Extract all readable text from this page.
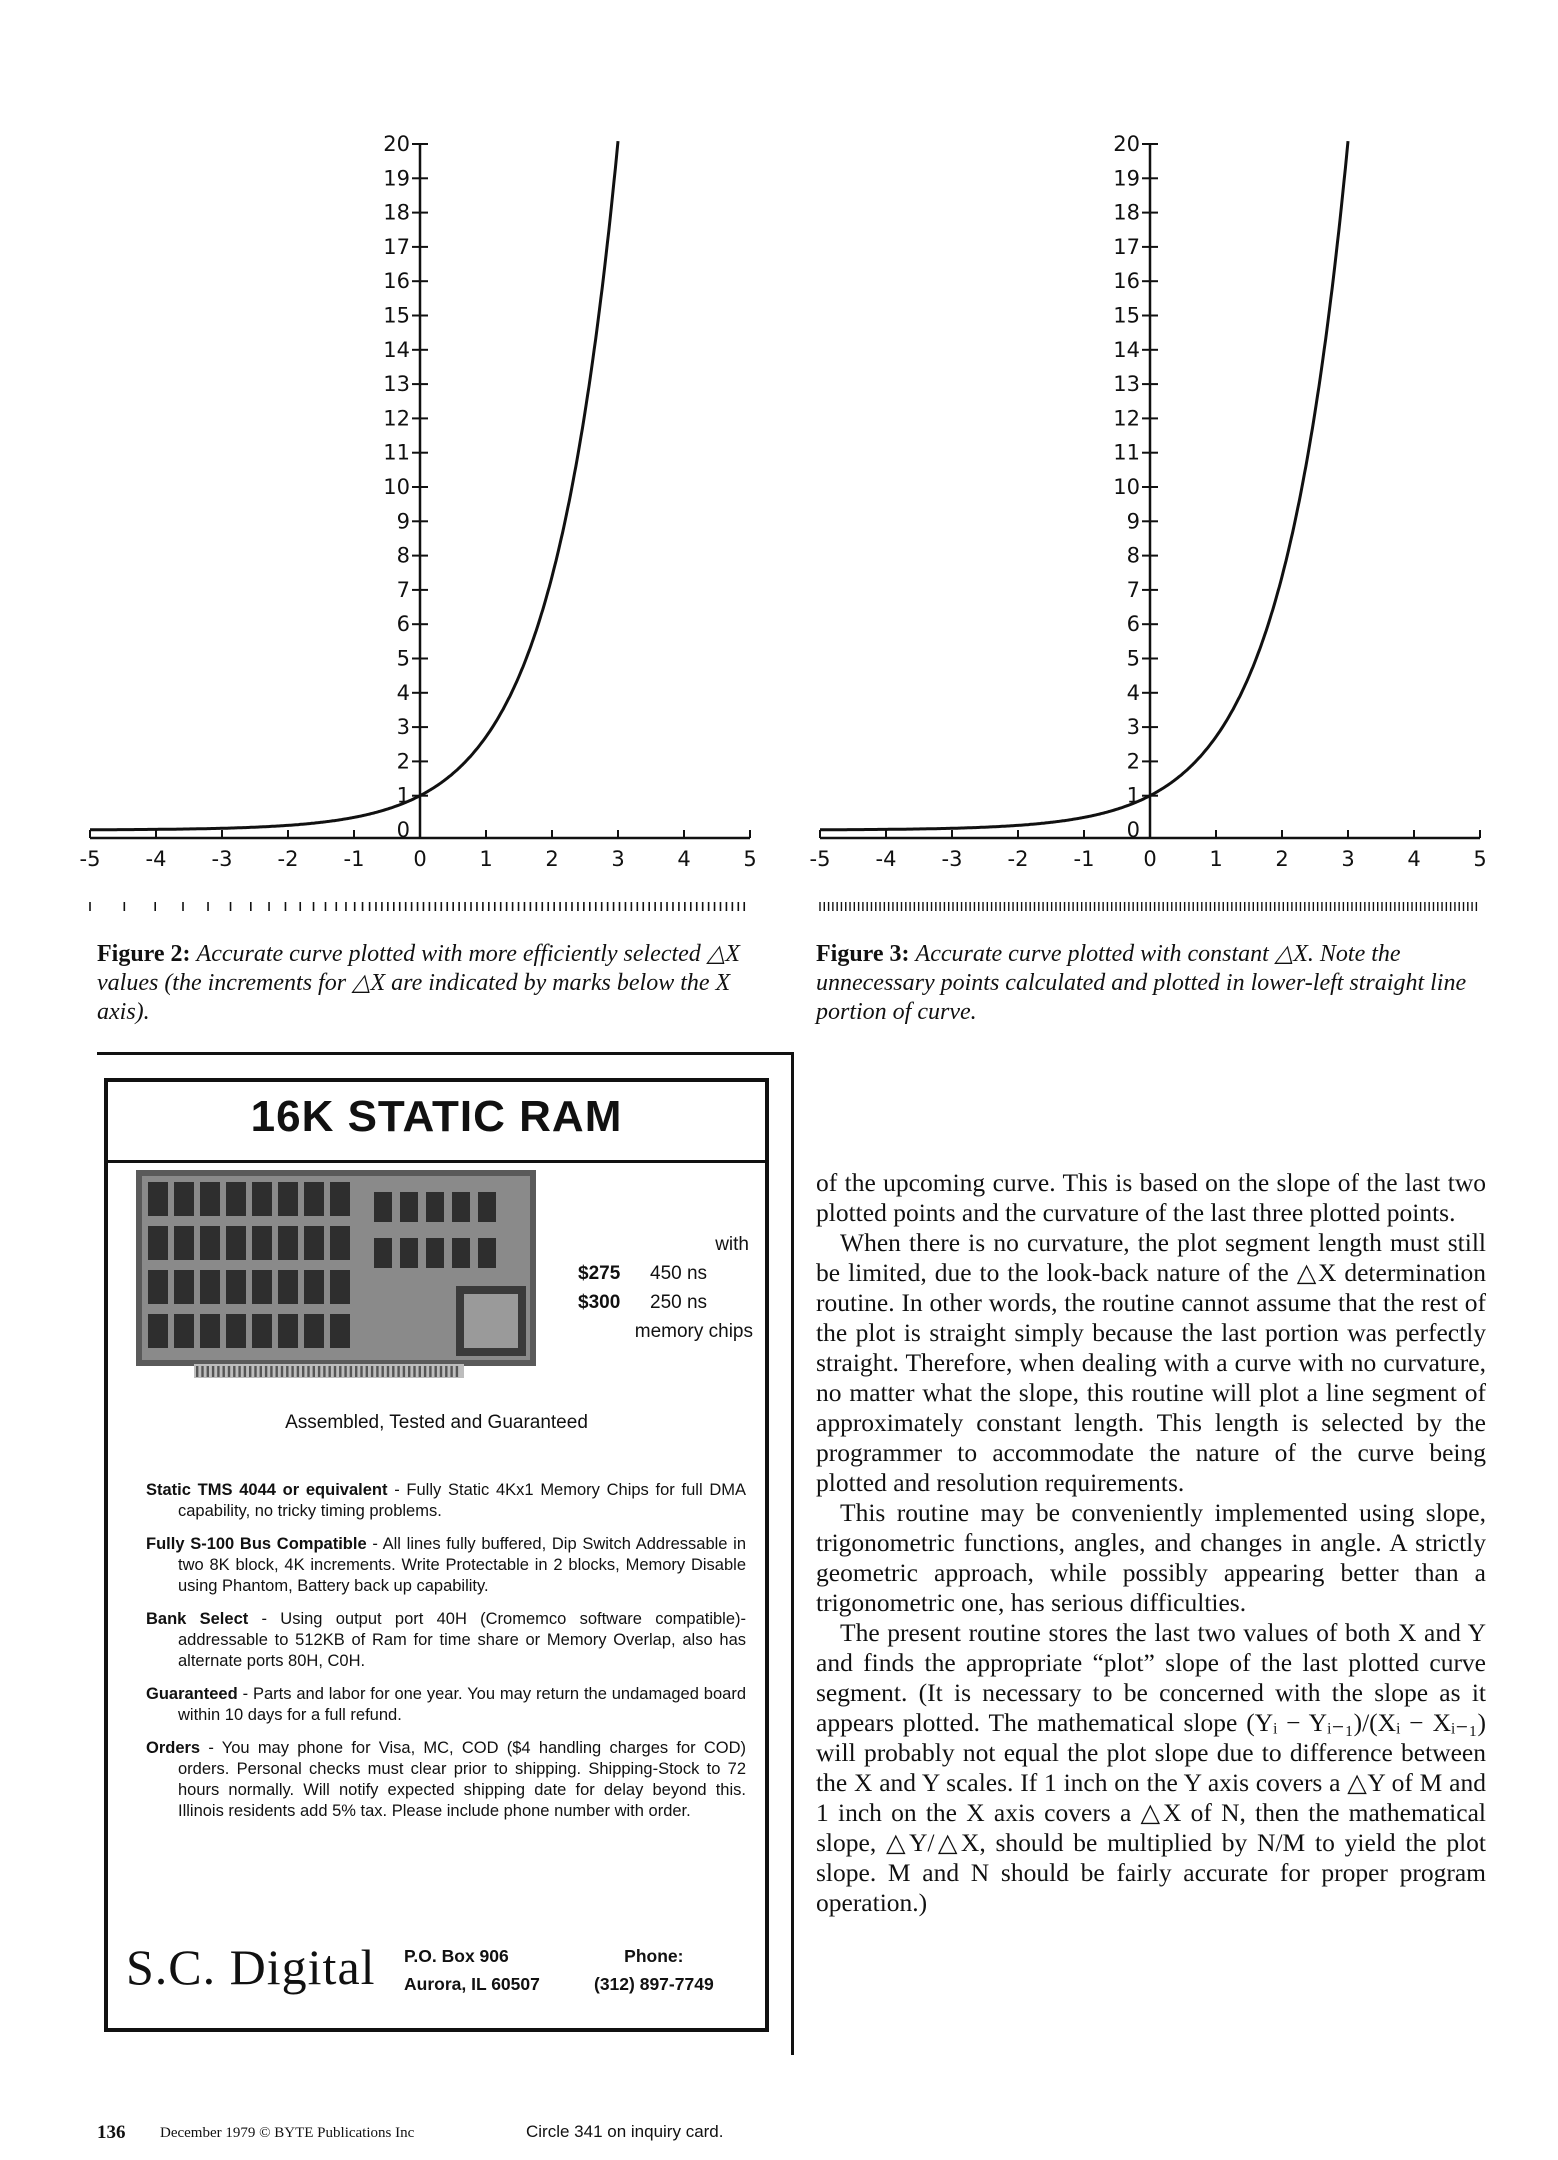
20
19
18
17
16
15
14
13
12
11
10
9
8
7
6
5
4
3
2
1
0
-5 -4 -3 -2 -1 0	1	2	3	4	5
20
19
18
17
16
15
14
13
12
11
10
9
8
7
6
5
4
3
2
1
0
-5 -4 -3 -2 -1 0	1	2	3	4	5
Figure 2: Accurate curve plotted with more efficiently selected △X values (the increments for △X are indicated by marks below the X axis).
Figure 3: Accurate curve plotted with constant △X. Note the unnecessary points calculated and plotted in lower-left straight line portion of curve.
16K STATIC RAM
with
$275	450 ns
$300	250 ns
memory chips
Assembled, Tested and Guaranteed
Static TMS 4044 or equivalent - Fully Static 4Kx1 Memory Chips for full DMA capability, no tricky timing problems.
Fully S-100 Bus Compatible - All lines fully buffered, Dip Switch Addressable in two 8K block, 4K increments. Write Protectable in 2 blocks, Memory Disable using Phantom, Battery back up capability.
Bank Select - Using output port 40H (Cromemco software compatible)-addressable to 512KB of Ram for time share or Memory Overlap, also has alternate ports 80H, C0H.
Guaranteed - Parts and labor for one year. You may return the undamaged board within 10 days for a full refund.
Orders - You may phone for Visa, MC, COD ($4 handling charges for COD) orders. Personal checks must clear prior to shipping. Shipping-Stock to 72 hours normally. Will notify expected shipping date for delay beyond this. Illinois residents add 5% tax. Please include phone number with order.
S.C. Digital P.O. Box 906
Aurora, IL 60507
Phone:
(312) 897-7749

of the upcoming curve. This is based on the slope of the last two plotted points and the curvature of the last three plotted points.

When there is no curvature, the plot segment length must still be limited, due to the look-back nature of the △X determination routine. In other words, the routine cannot assume that the rest of the plot is straight simply because the last portion was perfectly straight. Therefore, when dealing with a curve with no curvature, no matter what the slope, this routine will plot a line segment of approximately constant length. This length is selected by the programmer to accommodate the nature of the curve being plotted and resolution requirements.

This routine may be conveniently implemented using slope, trigonometric functions, angles, and changes in angle. A strictly geometric approach, while possibly appearing better than a trigonometric one, has serious difficulties.

The present routine stores the last two values of both X and Y and finds the appropriate “plot” slope of the last plotted curve segment. (It is necessary to be concerned with the slope as it appears plotted. The mathematical slope (Yᵢ − Yᵢ₋₁)/(Xᵢ − Xᵢ₋₁) will probably not equal the plot slope due to difference between the X and Y scales. If 1 inch on the Y axis covers a △Y of M and 1 inch on the X axis covers a △X of N, then the mathematical slope, △Y/△X, should be multiplied by N/M to yield the plot slope. M and N should be fairly accurate for proper program operation.)

136 December 1979 © BYTE Publications Inc	Circle 341 on inquiry card.
